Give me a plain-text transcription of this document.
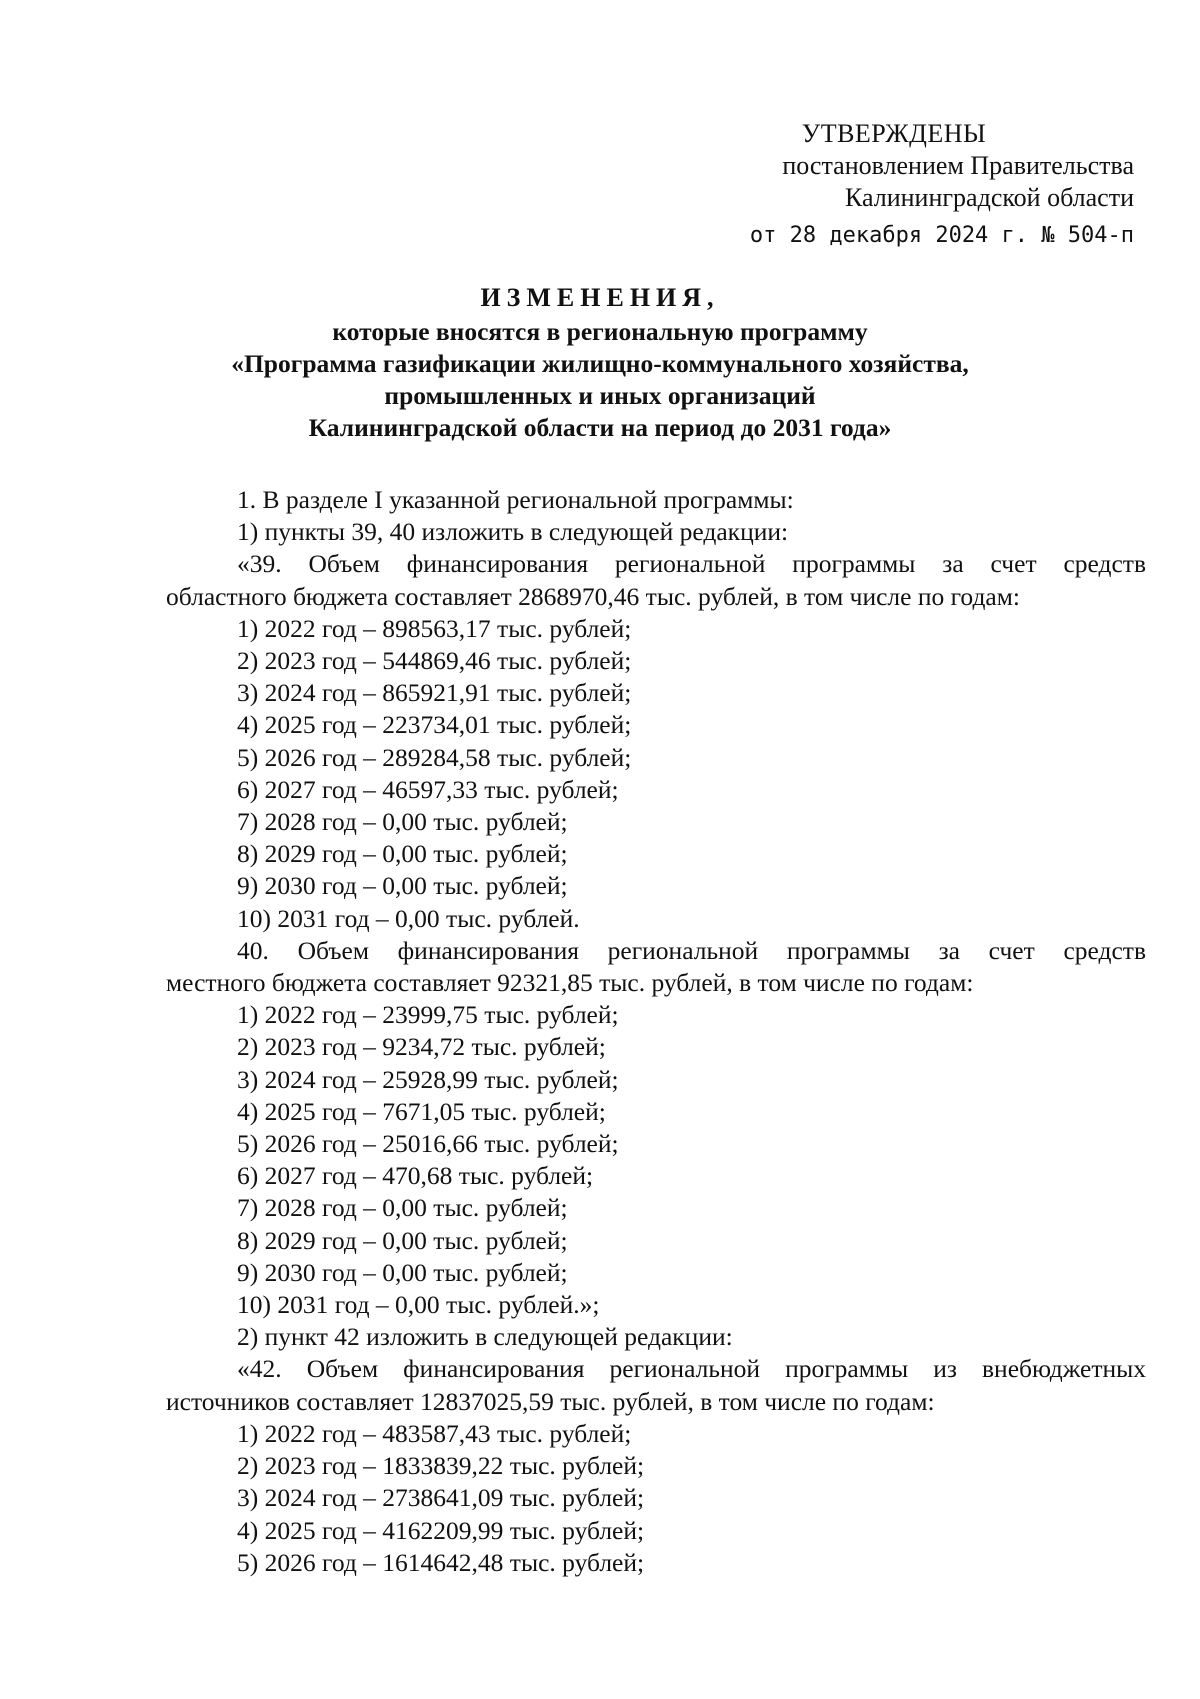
УТВЕРЖДЕНЫ
постановлением Правительства
Калининградской области
от 28 декабря 2024 г. № 504-п
ИЗМЕНЕНИЯ,
которые вносятся в региональную программу
«Программа газификации жилищно-коммунального хозяйства,
промышленных и иных организаций
Калининградской области на период до 2031 года»

1. В разделе I указанной региональной программы:

1) пункты 39, 40 изложить в следующей редакции:

«39. Объем финансирования региональной программы за счет средств

областного бюджета составляет 2868970,46 тыс. рублей, в том числе по годам:

1) 2022 год – 898563,17 тыс. рублей;

2) 2023 год – 544869,46 тыс. рублей;

3) 2024 год – 865921,91 тыс. рублей;

4) 2025 год – 223734,01 тыс. рублей;

5) 2026 год – 289284,58 тыс. рублей;

6) 2027 год – 46597,33 тыс. рублей;

7) 2028 год – 0,00 тыс. рублей;

8) 2029 год – 0,00 тыс. рублей;

9) 2030 год – 0,00 тыс. рублей;

10) 2031 год – 0,00 тыс. рублей.

40. Объем финансирования региональной программы за счет средств

местного бюджета составляет 92321,85 тыс. рублей, в том числе по годам:

1) 2022 год – 23999,75 тыс. рублей;

2) 2023 год – 9234,72 тыс. рублей;

3) 2024 год – 25928,99 тыс. рублей;

4) 2025 год – 7671,05 тыс. рублей;

5) 2026 год – 25016,66 тыс. рублей;

6) 2027 год – 470,68 тыс. рублей;

7) 2028 год – 0,00 тыс. рублей;

8) 2029 год – 0,00 тыс. рублей;

9) 2030 год – 0,00 тыс. рублей;

10) 2031 год – 0,00 тыс. рублей.»;

2) пункт 42 изложить в следующей редакции:

«42. Объем финансирования региональной программы из внебюджетных

источников составляет 12837025,59 тыс. рублей, в том числе по годам:

1) 2022 год – 483587,43 тыс. рублей;

2) 2023 год – 1833839,22 тыс. рублей;

3) 2024 год – 2738641,09 тыс. рублей;

4) 2025 год – 4162209,99 тыс. рублей;

5) 2026 год – 1614642,48 тыс. рублей;
